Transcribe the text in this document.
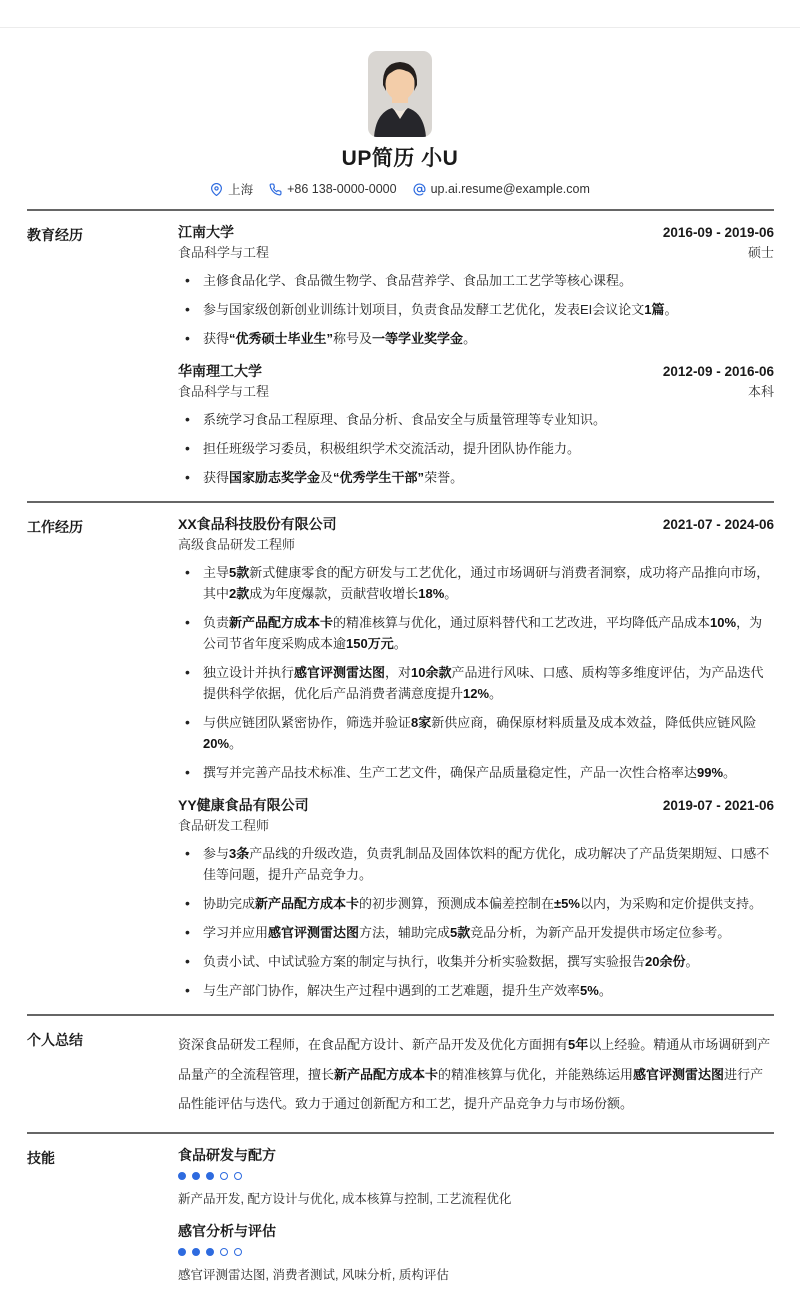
UP简历 小U
上海	+86 138-0000-0000	up.ai.resume@example.com
教育经历	江南大学	2016-09 - 2019-06
食品科学与工程	硕士
• 主修食品化学、食品微生物学、食品营养学、食品加工工艺学等核心课程。
• 参与国家级创新创业训练计划项目，负责食品发酵工艺优化，发表EI会议论文1篇。
• 获得“优秀硕士毕业生”称号及一等学业奖学金。
华南理工大学	2012-09 - 2016-06
食品科学与工程	本科
• 系统学习食品工程原理、食品分析、食品安全与质量管理等专业知识。
• 担任班级学习委员，积极组织学术交流活动，提升团队协作能力。
• 获得国家励志奖学金及“优秀学生干部”荣誉。
工作经历	XX食品科技股份有限公司	2021-07 - 2024-06
高级食品研发工程师
• 主导5款新式健康零食的配方研发与工艺优化，通过市场调研与消费者洞察，成功将产品推向市场，其中2款成为年度爆款，贡献营收增长18%。
• 负责新产品配方成本卡的精准核算与优化，通过原料替代和工艺改进，平均降低产品成本10%，为公司节省年度采购成本逾150万元。
• 独立设计并执行感官评测雷达图，对10余款产品进行风味、口感、质构等多维度评估，为产品迭代提供科学依据，优化后产品消费者满意度提升12%。
• 与供应链团队紧密协作，筛选并验证8家新供应商，确保原材料质量及成本效益，降低供应链风险20%。
• 撰写并完善产品技术标准、生产工艺文件，确保产品质量稳定性，产品一次性合格率达99%。
YY健康食品有限公司	2019-07 - 2021-06
食品研发工程师
• 参与3条产品线的升级改造，负责乳制品及固体饮料的配方优化，成功解决了产品货架期短、口感不佳等问题，提升产品竞争力。
• 协助完成新产品配方成本卡的初步测算，预测成本偏差控制在±5%以内，为采购和定价提供支持。
• 学习并应用感官评测雷达图方法，辅助完成5款竞品分析，为新产品开发提供市场定位参考。
• 负责小试、中试试验方案的制定与执行，收集并分析实验数据，撰写实验报告20余份。
• 与生产部门协作，解决生产过程中遇到的工艺难题，提升生产效率5%。
个人总结	资深食品研发工程师，在食品配方设计、新产品开发及优化方面拥有5年以上经验。精通从市场调研到产品量产的全流程管理，擅长新产品配方成本卡的精准核算与优化，并能熟练运用感官评测雷达图进行产品性能评估与迭代。致力于通过创新配方和工艺，提升产品竞争力与市场份额。
技能	食品研发与配方
新产品开发, 配方设计与优化, 成本核算与控制, 工艺流程优化
感官分析与评估
感官评测雷达图, 消费者测试, 风味分析, 质构评估
